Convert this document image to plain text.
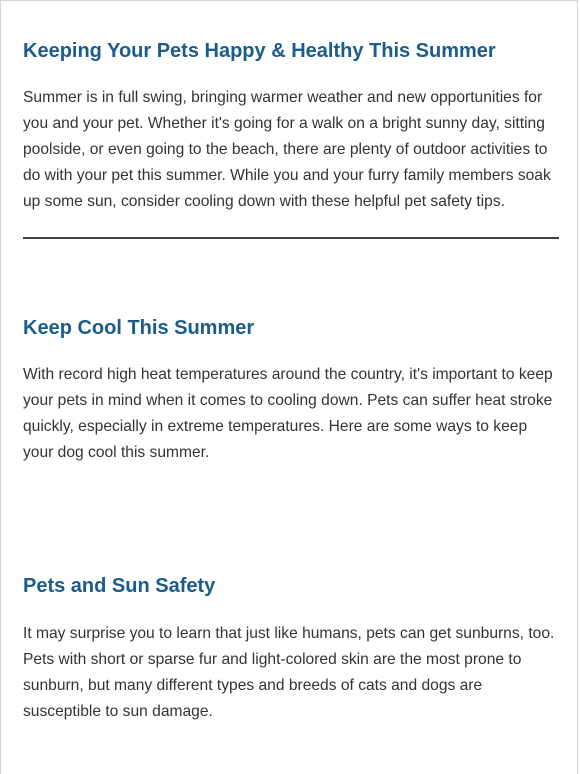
Keeping Your Pets Happy & Healthy This Summer

Summer is in full swing, bringing warmer weather and new opportunities for you and your pet. Whether it's going for a walk on a bright sunny day, sitting poolside, or even going to the beach, there are plenty of outdoor activities to do with your pet this summer. While you and your furry family members soak up some sun, consider cooling down with these helpful pet safety tips.

Keep Cool This Summer

With record high heat temperatures around the country, it's important to keep your pets in mind when it comes to cooling down. Pets can suffer heat stroke quickly, especially in extreme temperatures. Here are some ways to keep your dog cool this summer.

Pets and Sun Safety

It may surprise you to learn that just like humans, pets can get sunburns, too. Pets with short or sparse fur and light-colored skin are the most prone to sunburn, but many different types and breeds of cats and dogs are susceptible to sun damage.
